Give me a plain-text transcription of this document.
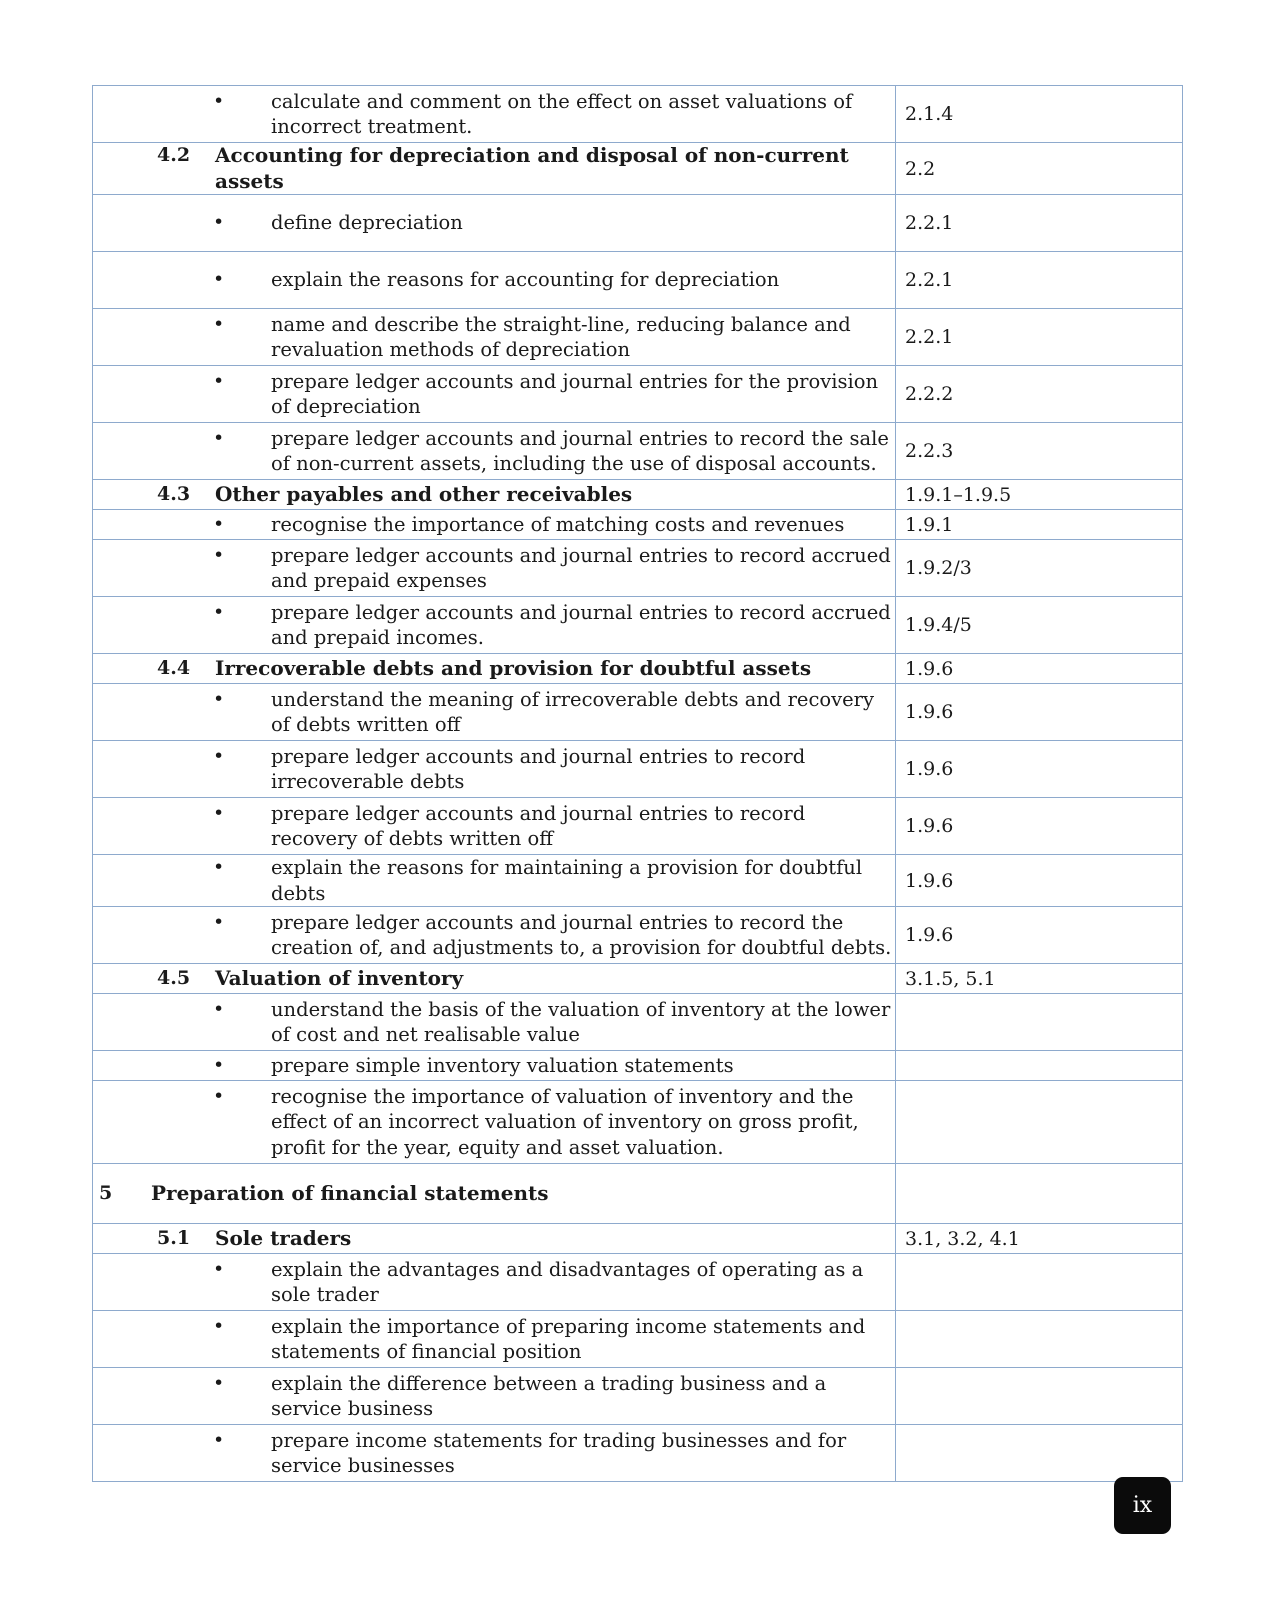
• calculate and comment on the effect on asset valuations of incorrect treatment.	2.1.4

4.2 Accounting for depreciation and disposal of non-current assets	2.2

• define depreciation	2.2.1

• explain the reasons for accounting for depreciation	2.2.1

• name and describe the straight-line, reducing balance and revaluation methods of depreciation	2.2.1

• prepare ledger accounts and journal entries for the provision of depreciation	2.2.2

• prepare ledger accounts and journal entries to record the sale of non-current assets, including the use of disposal accounts.	2.2.3

4.3 Other payables and other receivables	1.9.1–1.9.5

• recognise the importance of matching costs and revenues	1.9.1

• prepare ledger accounts and journal entries to record accrued and prepaid expenses	1.9.2/3

• prepare ledger accounts and journal entries to record accrued and prepaid incomes.	1.9.4/5

4.4 Irrecoverable debts and provision for doubtful assets	1.9.6

• understand the meaning of irrecoverable debts and recovery of debts written off	1.9.6

• prepare ledger accounts and journal entries to record irrecoverable debts	1.9.6

• prepare ledger accounts and journal entries to record recovery of debts written off	1.9.6

• explain the reasons for maintaining a provision for doubtful debts	1.9.6

• prepare ledger accounts and journal entries to record the creation of, and adjustments to, a provision for doubtful debts.	1.9.6

4.5 Valuation of inventory	3.1.5, 5.1

• understand the basis of the valuation of inventory at the lower of cost and net realisable value	

• prepare simple inventory valuation statements	

• recognise the importance of valuation of inventory and the effect of an incorrect valuation of inventory on gross profit, profit for the year, equity and asset valuation.	

5 Preparation of financial statements	

5.1 Sole traders	3.1, 3.2, 4.1

• explain the advantages and disadvantages of operating as a sole trader	

• explain the importance of preparing income statements and statements of financial position	

• explain the difference between a trading business and a service business	

• prepare income statements for trading businesses and for service businesses	

ix
